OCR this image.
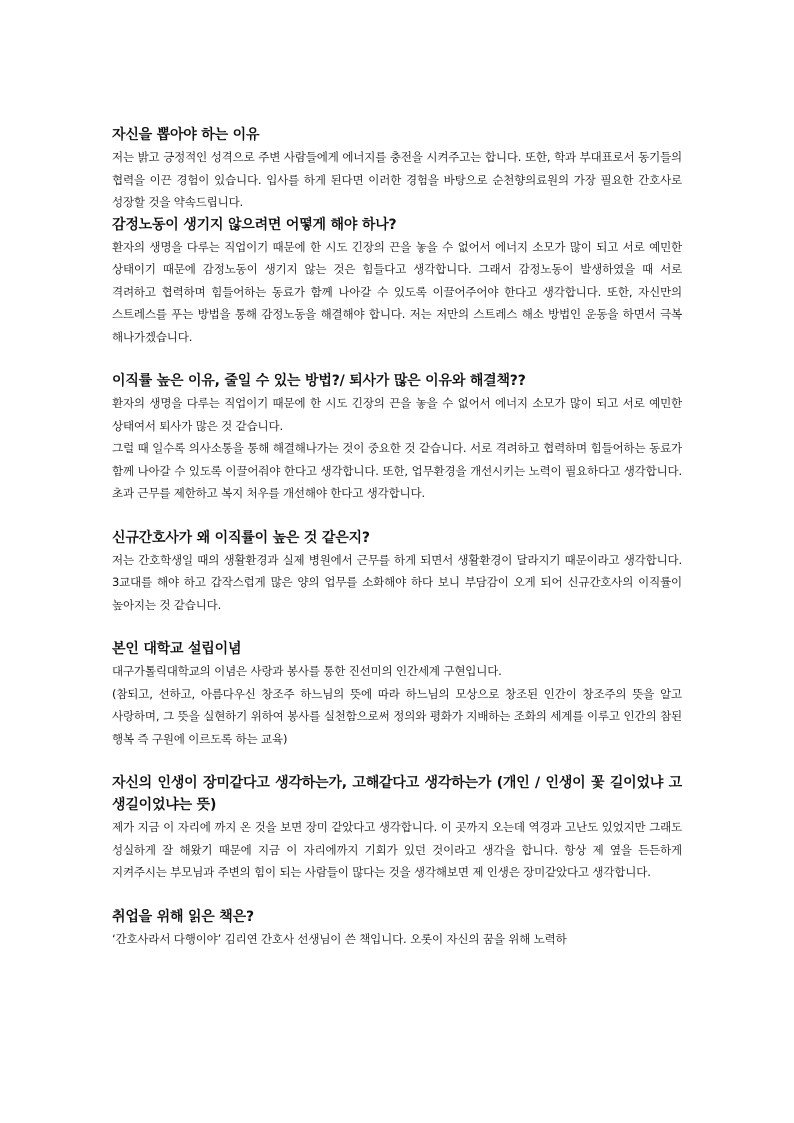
자신을 뽑아야 하는 이유

저는 밝고 긍정적인 성격으로 주변 사람들에게 에너지를 충전을 시켜주고는 합니다. 또한, 학과 부대표로서 동기들의 협력을 이끈 경험이 있습니다. 입사를 하게 된다면 이러한 경험을 바탕으로 순천향의료원의 가장 필요한 간호사로 성장할 것을 약속드립니다.

감정노동이 생기지 않으려면 어떻게 해야 하나?

환자의 생명을 다루는 직업이기 때문에 한 시도 긴장의 끈을 놓을 수 없어서 에너지 소모가 많이 되고 서로 예민한 상태이기 때문에 감정노동이 생기지 않는 것은 힘들다고 생각합니다. 그래서 감정노동이 발생하였을 때 서로 격려하고 협력하며 힘들어하는 동료가 함께 나아갈 수 있도록 이끌어주어야 한다고 생각합니다. 또한, 자신만의 스트레스를 푸는 방법을 통해 감정노동을 해결해야 합니다. 저는 저만의 스트레스 해소 방법인 운동을 하면서 극복 해나가겠습니다.

이직률 높은 이유, 줄일 수 있는 방법?/ 퇴사가 많은 이유와 해결책??

환자의 생명을 다루는 직업이기 때문에 한 시도 긴장의 끈을 놓을 수 없어서 에너지 소모가 많이 되고 서로 예민한 상태여서 퇴사가 많은 것 같습니다.

그럴 때 일수록 의사소통을 통해 해결해나가는 것이 중요한 것 같습니다. 서로 격려하고 협력하며 힘들어하는 동료가 함께 나아갈 수 있도록 이끌어줘야 한다고 생각합니다. 또한, 업무환경을 개선시키는 노력이 필요하다고 생각합니다. 초과 근무를 제한하고 복지 처우를 개선해야 한다고 생각합니다.

신규간호사가 왜 이직률이 높은 것 같은지?

저는 간호학생일 때의 생활환경과 실제 병원에서 근무를 하게 되면서 생활환경이 달라지기 때문이라고 생각합니다. 3교대를 해야 하고 갑작스럽게 많은 양의 업무를 소화해야 하다 보니 부담감이 오게 되어 신규간호사의 이직률이 높아지는 것 같습니다.

본인 대학교 설립이념

대구가톨릭대학교의 이념은 사랑과 봉사를 통한 진선미의 인간세계 구현입니다.

(참되고, 선하고, 아름다우신 창조주 하느님의 뜻에 따라 하느님의 모상으로 창조된 인간이 창조주의 뜻을 알고 사랑하며, 그 뜻을 실현하기 위하여 봉사를 실천함으로써 정의와 평화가 지배하는 조화의 세계를 이루고 인간의 참된 행복 즉 구원에 이르도록 하는 교육)

자신의 인생이 장미같다고 생각하는가, 고해같다고 생각하는가 (개인 / 인생이 꽃 길이었냐 고생길이었냐는 뜻)

제가 지금 이 자리에 까지 온 것을 보면 장미 같았다고 생각합니다. 이 곳까지 오는데 역경과 고난도 있었지만 그래도 성실하게 잘 해왔기 때문에 지금 이 자리에까지 기회가 있던 것이라고 생각을 합니다. 항상 제 옆을 든든하게 지켜주시는 부모님과 주변의 힘이 되는 사람들이 많다는 것을 생각해보면 제 인생은 장미같았다고 생각합니다.

취업을 위해 읽은 책은?

‘간호사라서 다행이야’ 김리연 간호사 선생님이 쓴 책입니다. 오롯이 자신의 꿈을 위해 노력하
